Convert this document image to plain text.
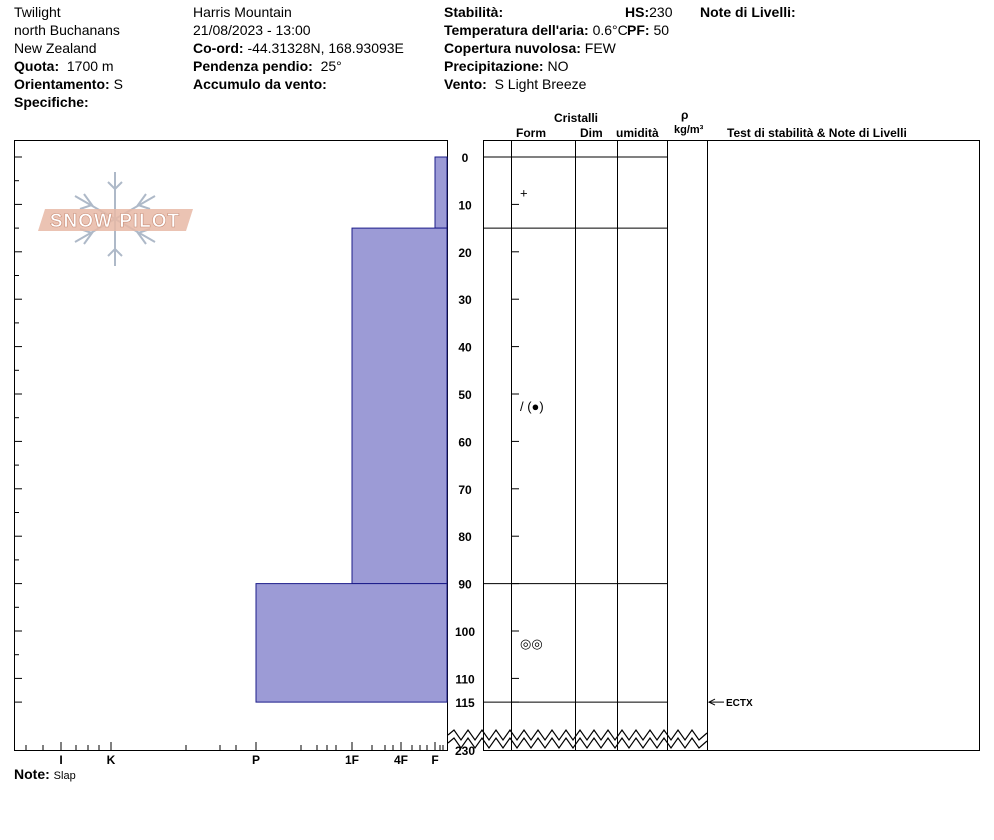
Twilight
north Buchanans
New Zealand
Quota: 1700 m
Orientamento: S
Specifiche:
Harris Mountain
21/08/2023 - 13:00
Co-ord: -44.31328N, 168.93093E
Pendenza pendio: 25°
Accumulo da vento:
Stabilità:
Temperatura dell'aria: 0.6°C
Copertura nuvolosa: FEW
Precipitazione: NO
Vento: S Light Breeze
HS:230
PF: 50
Note di Livelli:
Cristalli
Form	Dim umidità
ρ
kg/m³ Test di stabilità & Note di Livelli
Note: Slap
SNOW PILOT
I	K	P	1F	4F F
0
10
20
30
40
50
60
70
80
90
100
110
115
230
+
/ (●)
◎◎
ECTX
